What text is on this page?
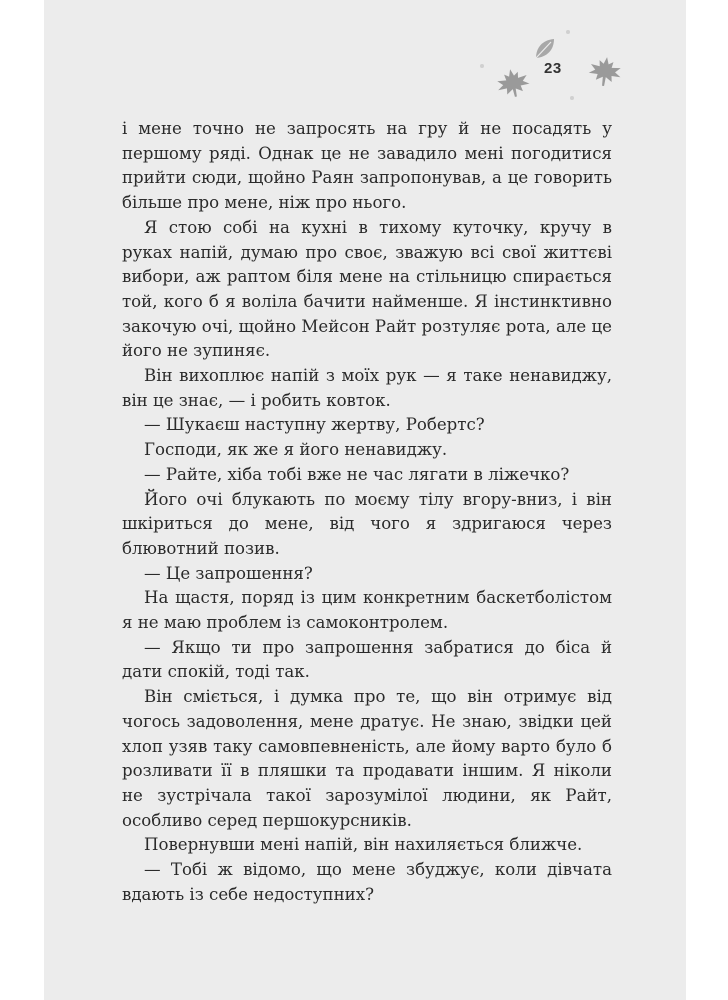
23

і мене точно не запросять на гру й не посадять у першому ряді. Однак це не завадило мені погодитися прийти сюди, щойно Раян запропонував, а це говорить більше про мене, ніж про нього.

Я стою собі на кухні в тихому куточку, кручу в руках напій, думаю про своє, зважую всі свої життєві вибори, аж раптом біля мене на стільницю спирається той, кого б я воліла бачити найменше. Я інстинктивно закочую очі, щойно Мейсон Райт розтуляє рота, але це його не зупиняє.

Він вихоплює напій з моїх рук — я таке ненавиджу, він це знає, — і робить ковток.

— Шукаєш наступну жертву, Робертс?

Господи, як же я його ненавиджу.

— Райте, хіба тобі вже не час лягати в ліжечко?

Його очі блукають по моєму тілу вгору-вниз, і він шкіриться до мене, від чого я здригаюся через блювотний позив.

— Це запрошення?

На щастя, поряд із цим конкретним баскетболістом я не маю проблем із самоконтролем.

— Якщо ти про запрошення забратися до біса й дати спокій, тоді так.

Він сміється, і думка про те, що він отримує від чогось задоволення, мене дратує. Не знаю, звідки цей хлоп узяв таку самовпевненість, але йому варто було б розливати її в пляшки та продавати іншим. Я ніколи не зустрічала такої зарозумілої людини, як Райт, особливо серед першокурсників.

Повернувши мені напій, він нахиляється ближче.

— Тобі ж відомо, що мене збуджує, коли дівчата вдають із себе недоступних?
